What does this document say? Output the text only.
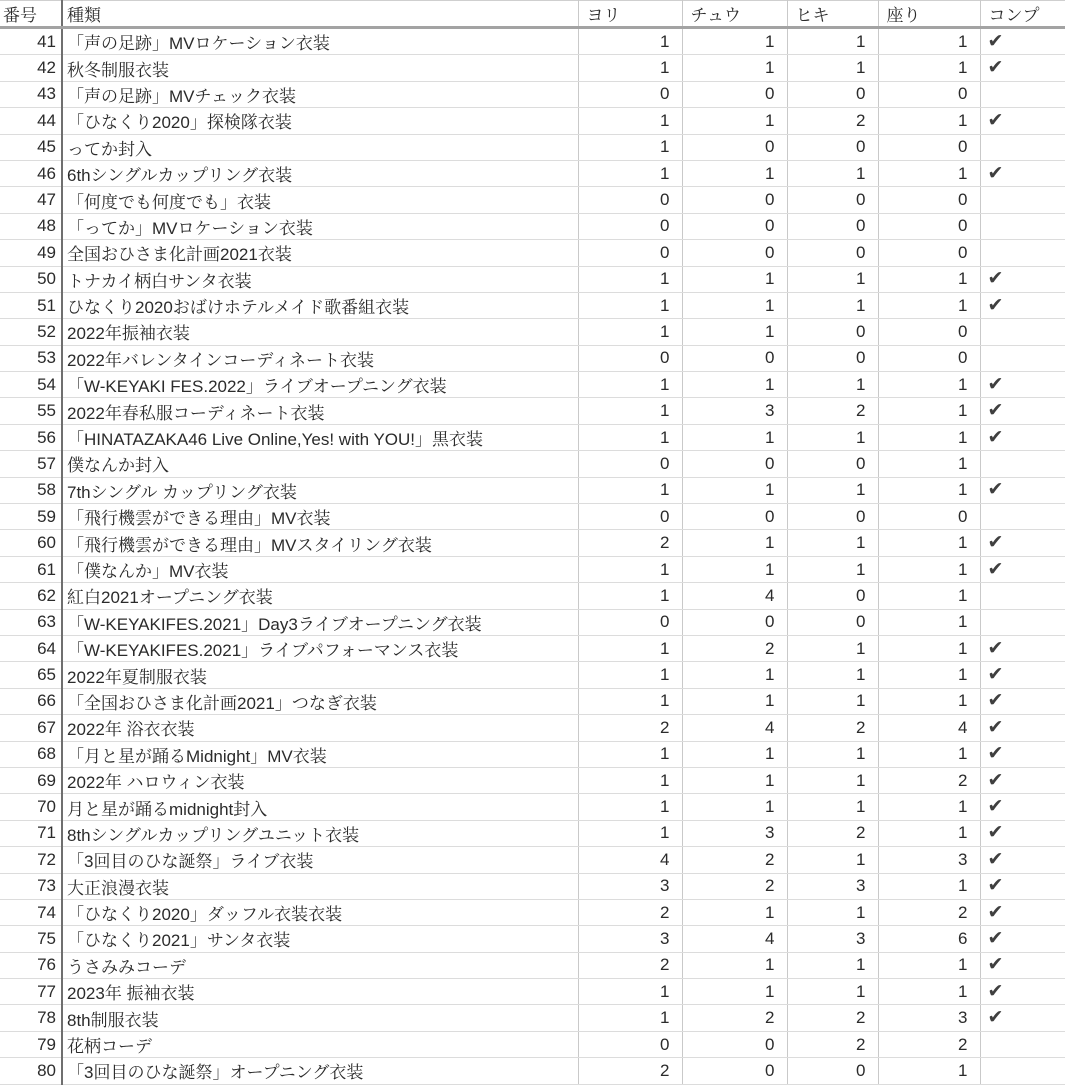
番号	種類	ヨリ	チュウ	ヒキ	座り	コンプ
41	「声の足跡」MVロケーション衣装	1	1	1	1	✔
42	秋冬制服衣装	1	1	1	1	✔
43	「声の足跡」MVチェック衣装	0	0	0	0	
44	「ひなくり2020」探検隊衣装	1	1	2	1	✔
45	ってか封入	1	0	0	0	
46	6thシングルカップリング衣装	1	1	1	1	✔
47	「何度でも何度でも」衣装	0	0	0	0	
48	「ってか」MVロケーション衣装	0	0	0	0	
49	全国おひさま化計画2021衣装	0	0	0	0	
50	トナカイ柄白サンタ衣装	1	1	1	1	✔
51	ひなくり2020おばけホテルメイド歌番組衣装	1	1	1	1	✔
52	2022年振袖衣装	1	1	0	0	
53	2022年バレンタインコーディネート衣装	0	0	0	0	
54	「W-KEYAKI FES.2022」ライブオープニング衣装	1	1	1	1	✔
55	2022年春私服コーディネート衣装	1	3	2	1	✔
56	「HINATAZAKA46 Live Online,Yes! with YOU!」黒衣装	1	1	1	1	✔
57	僕なんか封入	0	0	0	1	
58	7thシングル カップリング衣装	1	1	1	1	✔
59	「飛行機雲ができる理由」MV衣装	0	0	0	0	
60	「飛行機雲ができる理由」MVスタイリング衣装	2	1	1	1	✔
61	「僕なんか」MV衣装	1	1	1	1	✔
62	紅白2021オープニング衣装	1	4	0	1	
63	「W-KEYAKIFES.2021」Day3ライブオープニング衣装	0	0	0	1	
64	「W-KEYAKIFES.2021」ライブパフォーマンス衣装	1	2	1	1	✔
65	2022年夏制服衣装	1	1	1	1	✔
66	「全国おひさま化計画2021」つなぎ衣装	1	1	1	1	✔
67	2022年 浴衣衣装	2	4	2	4	✔
68	「月と星が踊るMidnight」MV衣装	1	1	1	1	✔
69	2022年 ハロウィン衣装	1	1	1	2	✔
70	月と星が踊るmidnight封入	1	1	1	1	✔
71	8thシングルカップリングユニット衣装	1	3	2	1	✔
72	「3回目のひな誕祭」ライブ衣装	4	2	1	3	✔
73	大正浪漫衣装	3	2	3	1	✔
74	「ひなくり2020」ダッフル衣装衣装	2	1	1	2	✔
75	「ひなくり2021」サンタ衣装	3	4	3	6	✔
76	うさみみコーデ	2	1	1	1	✔
77	2023年 振袖衣装	1	1	1	1	✔
78	8th制服衣装	1	2	2	3	✔
79	花柄コーデ	0	0	2	2	
80	「3回目のひな誕祭」オープニング衣装	2	0	0	1	
